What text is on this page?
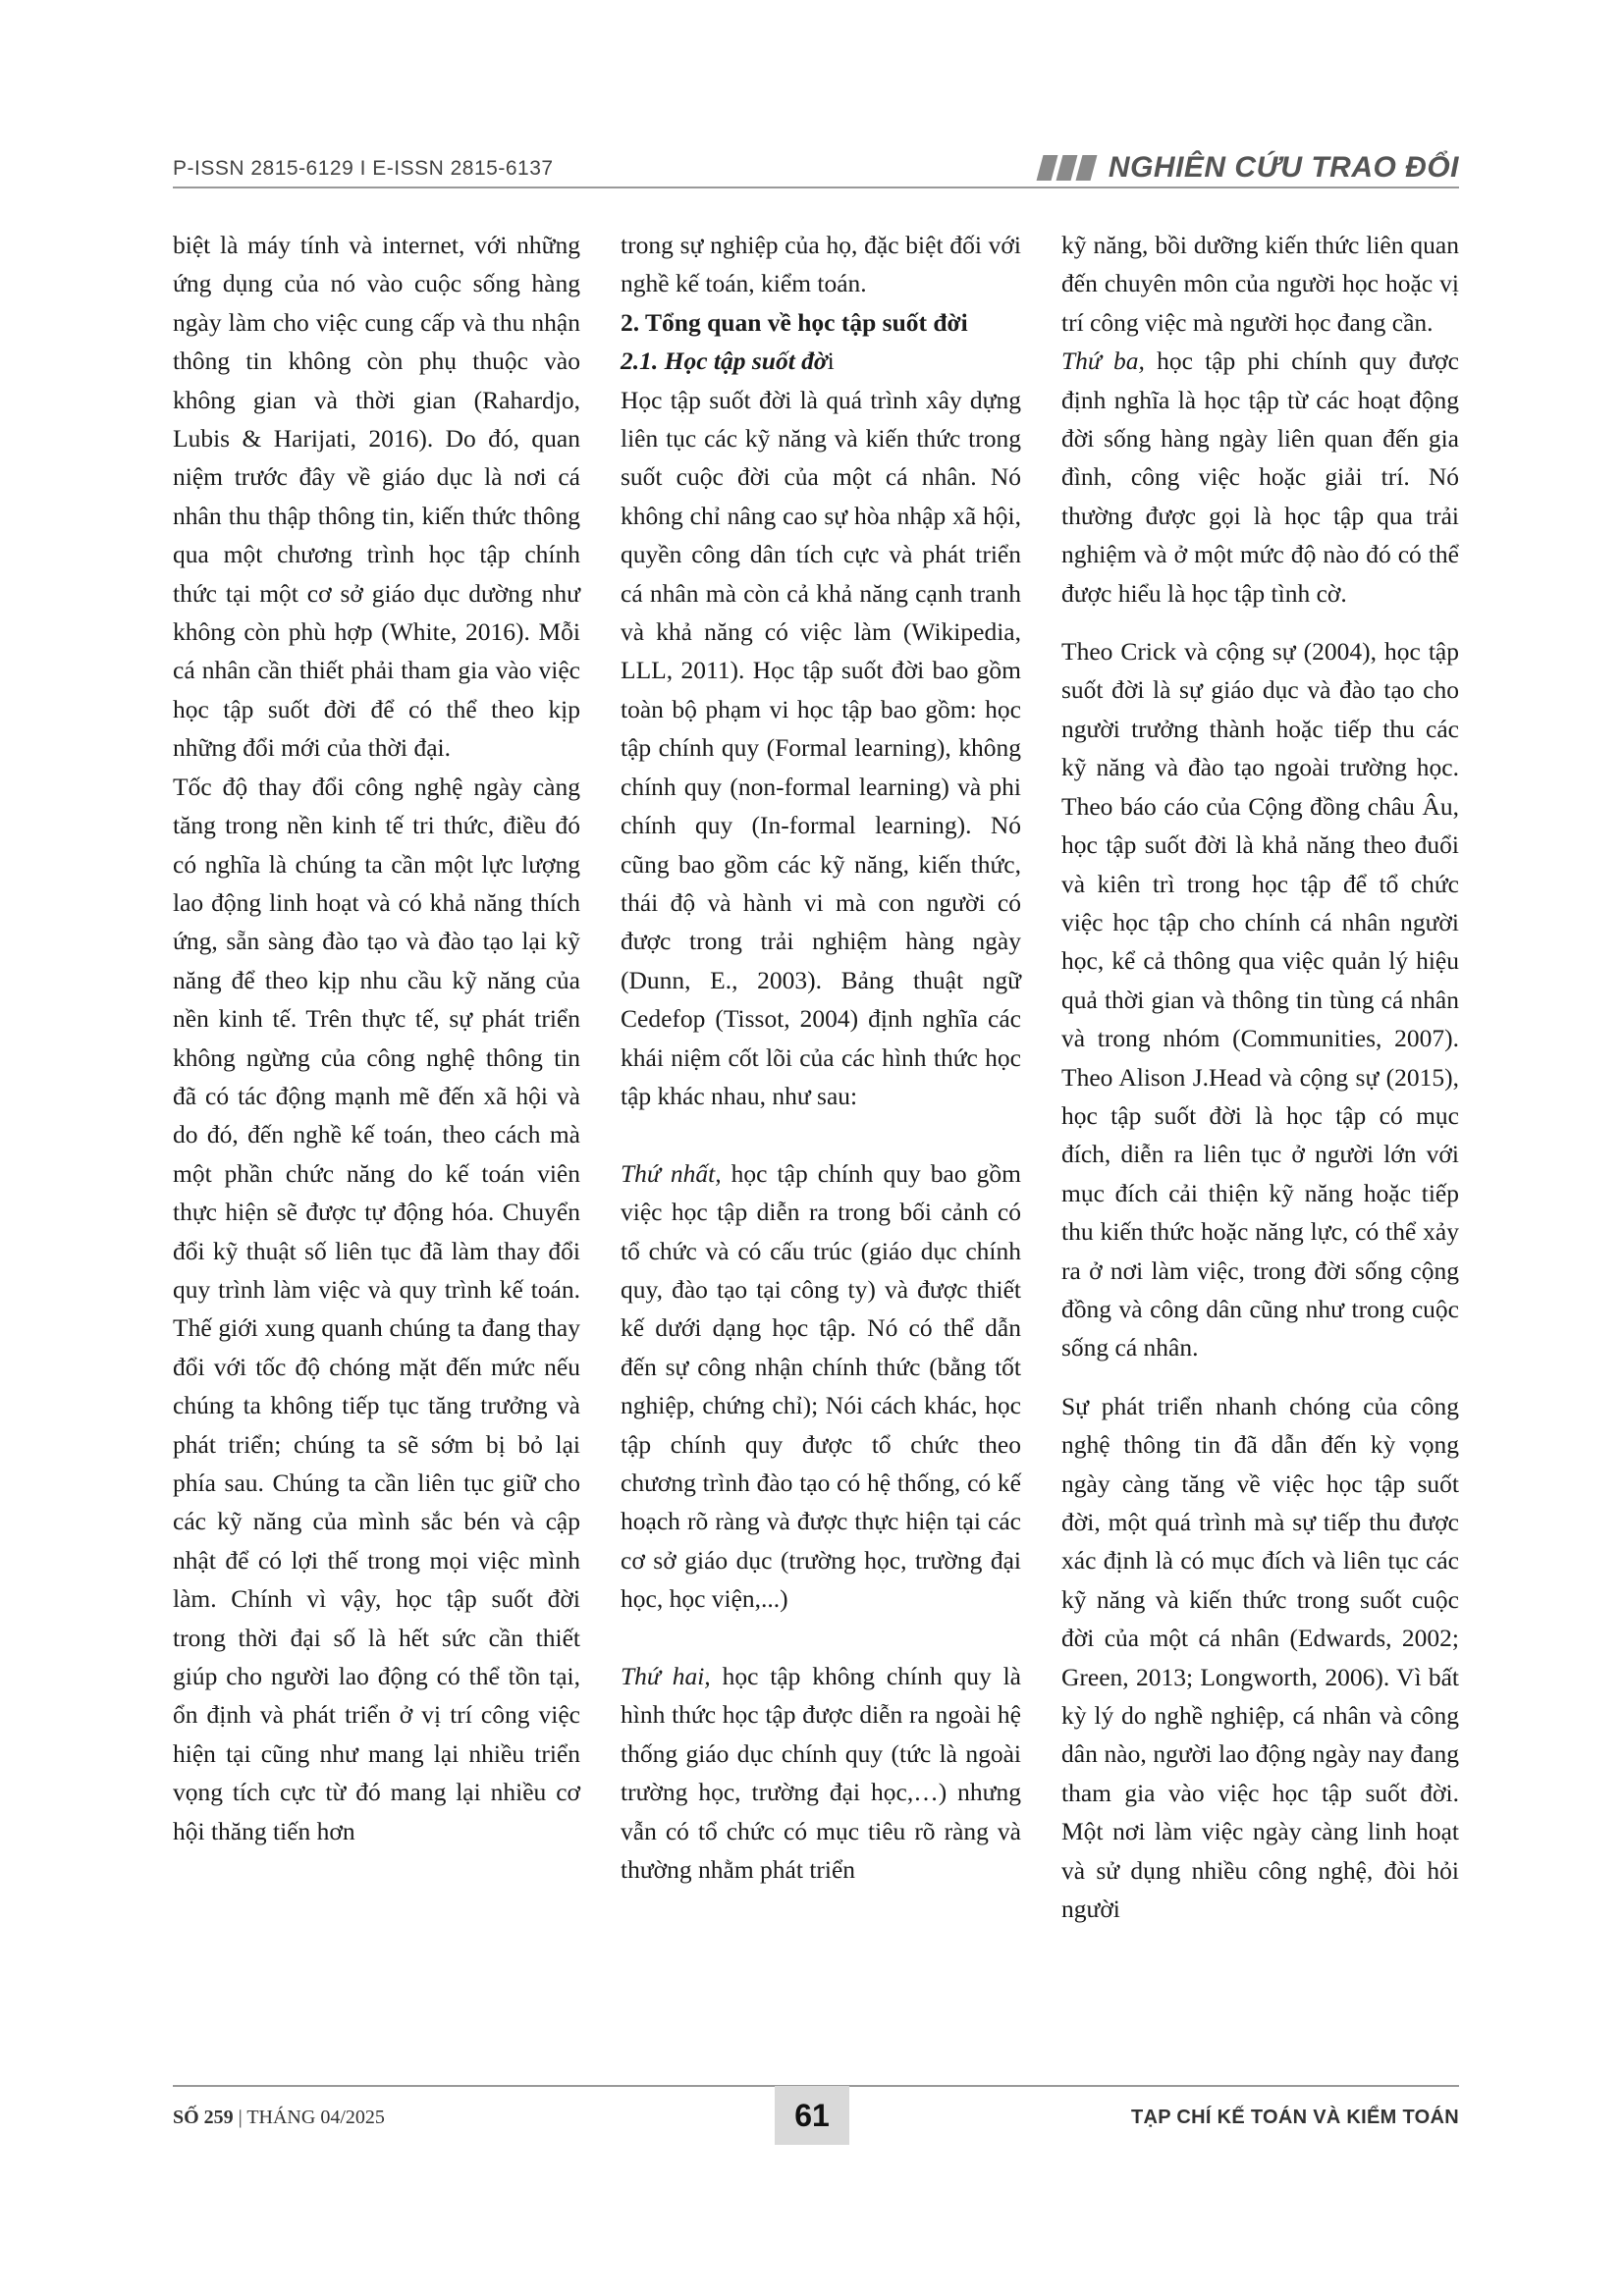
P-ISSN 2815-6129 I E-ISSN 2815-6137	NGHIÊN CỨU TRAO ĐỔI

biệt là máy tính và internet, với những ứng dụng của nó vào cuộc sống hàng ngày làm cho việc cung cấp và thu nhận thông tin không còn phụ thuộc vào không gian và thời gian (Rahardjo, Lubis & Harijati, 2016). Do đó, quan niệm trước đây về giáo dục là nơi cá nhân thu thập thông tin, kiến thức thông qua một chương trình học tập chính thức tại một cơ sở giáo dục dường như không còn phù hợp (White, 2016). Mỗi cá nhân cần thiết phải tham gia vào việc học tập suốt đời để có thể theo kịp những đổi mới của thời đại.

Tốc độ thay đổi công nghệ ngày càng tăng trong nền kinh tế tri thức, điều đó có nghĩa là chúng ta cần một lực lượng lao động linh hoạt và có khả năng thích ứng, sẵn sàng đào tạo và đào tạo lại kỹ năng để theo kịp nhu cầu kỹ năng của nền kinh tế. Trên thực tế, sự phát triển không ngừng của công nghệ thông tin đã có tác động mạnh mẽ đến xã hội và do đó, đến nghề kế toán, theo cách mà một phần chức năng do kế toán viên thực hiện sẽ được tự động hóa. Chuyển đổi kỹ thuật số liên tục đã làm thay đổi quy trình làm việc và quy trình kế toán. Thế giới xung quanh chúng ta đang thay đổi với tốc độ chóng mặt đến mức nếu chúng ta không tiếp tục tăng trưởng và phát triển; chúng ta sẽ sớm bị bỏ lại phía sau. Chúng ta cần liên tục giữ cho các kỹ năng của mình sắc bén và cập nhật để có lợi thế trong mọi việc mình làm. Chính vì vậy, học tập suốt đời trong thời đại số là hết sức cần thiết giúp cho người lao động có thể tồn tại, ổn định và phát triển ở vị trí công việc hiện tại cũng như mang lại nhiều triển vọng tích cực từ đó mang lại nhiều cơ hội thăng tiến hơn

trong sự nghiệp của họ, đặc biệt đối với nghề kế toán, kiểm toán.

2. Tổng quan về học tập suốt đời

2.1. Học tập suốt đời

Học tập suốt đời là quá trình xây dựng liên tục các kỹ năng và kiến thức trong suốt cuộc đời của một cá nhân. Nó không chỉ nâng cao sự hòa nhập xã hội, quyền công dân tích cực và phát triển cá nhân mà còn cả khả năng cạnh tranh và khả năng có việc làm (Wikipedia, LLL, 2011). Học tập suốt đời bao gồm toàn bộ phạm vi học tập bao gồm: học tập chính quy (Formal learning), không chính quy (non-formal learning) và phi chính quy (In-formal learning). Nó cũng bao gồm các kỹ năng, kiến thức, thái độ và hành vi mà con người có được trong trải nghiệm hàng ngày (Dunn, E., 2003). Bảng thuật ngữ Cedefop (Tissot, 2004) định nghĩa các khái niệm cốt lõi của các hình thức học tập khác nhau, như sau:

Thứ nhất, học tập chính quy bao gồm việc học tập diễn ra trong bối cảnh có tổ chức và có cấu trúc (giáo dục chính quy, đào tạo tại công ty) và được thiết kế dưới dạng học tập. Nó có thể dẫn đến sự công nhận chính thức (bằng tốt nghiệp, chứng chỉ); Nói cách khác, học tập chính quy được tổ chức theo chương trình đào tạo có hệ thống, có kế hoạch rõ ràng và được thực hiện tại các cơ sở giáo dục (trường học, trường đại học, học viện,...)

Thứ hai, học tập không chính quy là hình thức học tập được diễn ra ngoài hệ thống giáo dục chính quy (tức là ngoài trường học, trường đại học,…) nhưng vẫn có tổ chức có mục tiêu rõ ràng và thường nhằm phát triển

kỹ năng, bồi dưỡng kiến thức liên quan đến chuyên môn của người học hoặc vị trí công việc mà người học đang cần.

Thứ ba, học tập phi chính quy được định nghĩa là học tập từ các hoạt động đời sống hàng ngày liên quan đến gia đình, công việc hoặc giải trí. Nó thường được gọi là học tập qua trải nghiệm và ở một mức độ nào đó có thể được hiểu là học tập tình cờ.

Theo Crick và cộng sự (2004), học tập suốt đời là sự giáo dục và đào tạo cho người trưởng thành hoặc tiếp thu các kỹ năng và đào tạo ngoài trường học. Theo báo cáo của Cộng đồng châu Âu, học tập suốt đời là khả năng theo đuổi và kiên trì trong học tập để tổ chức việc học tập cho chính cá nhân người học, kể cả thông qua việc quản lý hiệu quả thời gian và thông tin tùng cá nhân và trong nhóm (Communities, 2007). Theo Alison J.Head và cộng sự (2015), học tập suốt đời là học tập có mục đích, diễn ra liên tục ở người lớn với mục đích cải thiện kỹ năng hoặc tiếp thu kiến thức hoặc năng lực, có thể xảy ra ở nơi làm việc, trong đời sống cộng đồng và công dân cũng như trong cuộc sống cá nhân.

Sự phát triển nhanh chóng của công nghệ thông tin đã dẫn đến kỳ vọng ngày càng tăng về việc học tập suốt đời, một quá trình mà sự tiếp thu được xác định là có mục đích và liên tục các kỹ năng và kiến thức trong suốt cuộc đời của một cá nhân (Edwards, 2002; Green, 2013; Longworth, 2006). Vì bất kỳ lý do nghề nghiệp, cá nhân và công dân nào, người lao động ngày nay đang tham gia vào việc học tập suốt đời. Một nơi làm việc ngày càng linh hoạt và sử dụng nhiều công nghệ, đòi hỏi người

SỐ 259 | THÁNG 04/2025	61	TẠP CHÍ KẾ TOÁN VÀ KIỂM TOÁN
